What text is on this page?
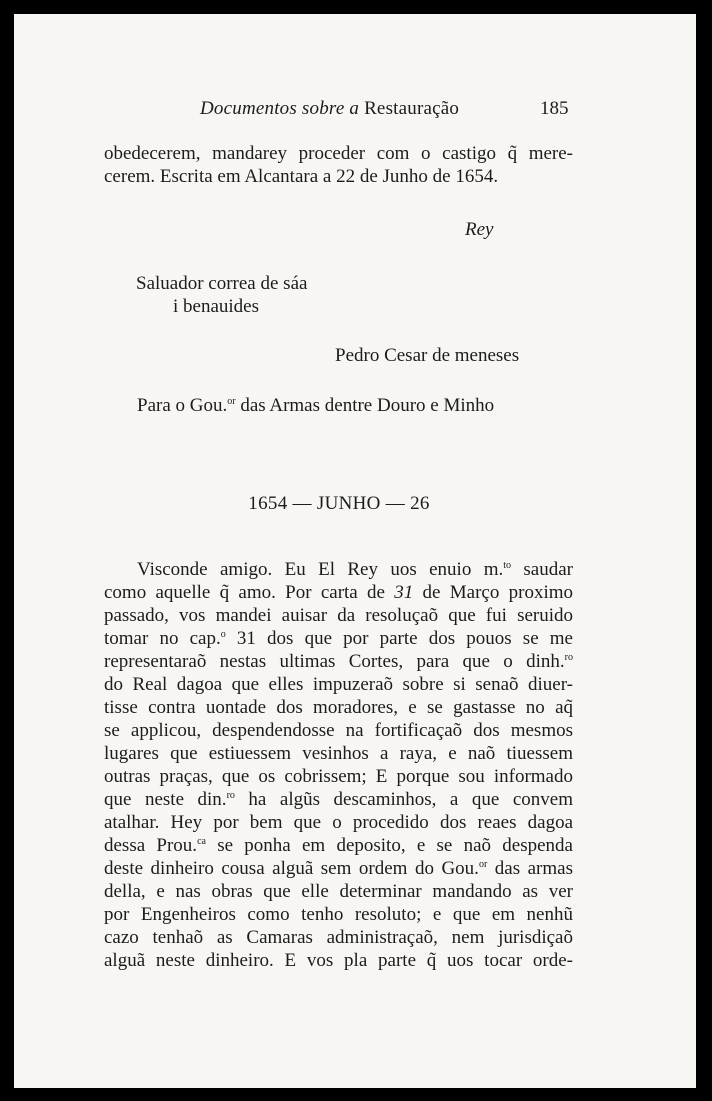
Documentos sobre a Restauração	185
obedecerem, mandarey proceder com o castigo q̃ mere-
cerem. Escrita em Alcantara a 22 de Junho de 1654.
Rey
Saluador correa de sáa
i benauides
Pedro Cesar de meneses
Para o Gou.$^{or}$ das Armas dentre Douro e Minho
1654 — JUNHO — 26
Visconde amigo. Eu El Rey uos enuio m.$^{to}$ saudar
como aquelle q̃ amo. Por carta de 31 de Março proximo
passado, vos mandei auisar da resoluçaõ que fui seruido
tomar no cap.$^o$ 31 dos que por parte dos pouos se me
representaraõ nestas ultimas Cortes, para que o dinh.$^{ro}$
do Real dagoa que elles impuzeraõ sobre si senaõ diuer-
tisse contra uontade dos moradores, e se gastasse no aq̃
se applicou, despendendosse na fortificaçaõ dos mesmos
lugares que estiuessem vesinhos a raya, e naõ tiuessem
outras praças, que os cobrissem; E porque sou informado
que neste din.$^{ro}$ ha algũs descaminhos, a que convem
atalhar. Hey por bem que o procedido dos reaes dagoa
dessa Prou.$^{ca}$ se ponha em deposito, e se naõ despenda
deste dinheiro cousa alguã sem ordem do Gou.$^{or}$ das armas
della, e nas obras que elle determinar mandando as ver
por Engenheiros como tenho resoluto; e que em nenhũ
cazo tenhaõ as Camaras administraçaõ, nem jurisdiçaõ
alguã neste dinheiro. E vos pla parte q̃ uos tocar orde-
